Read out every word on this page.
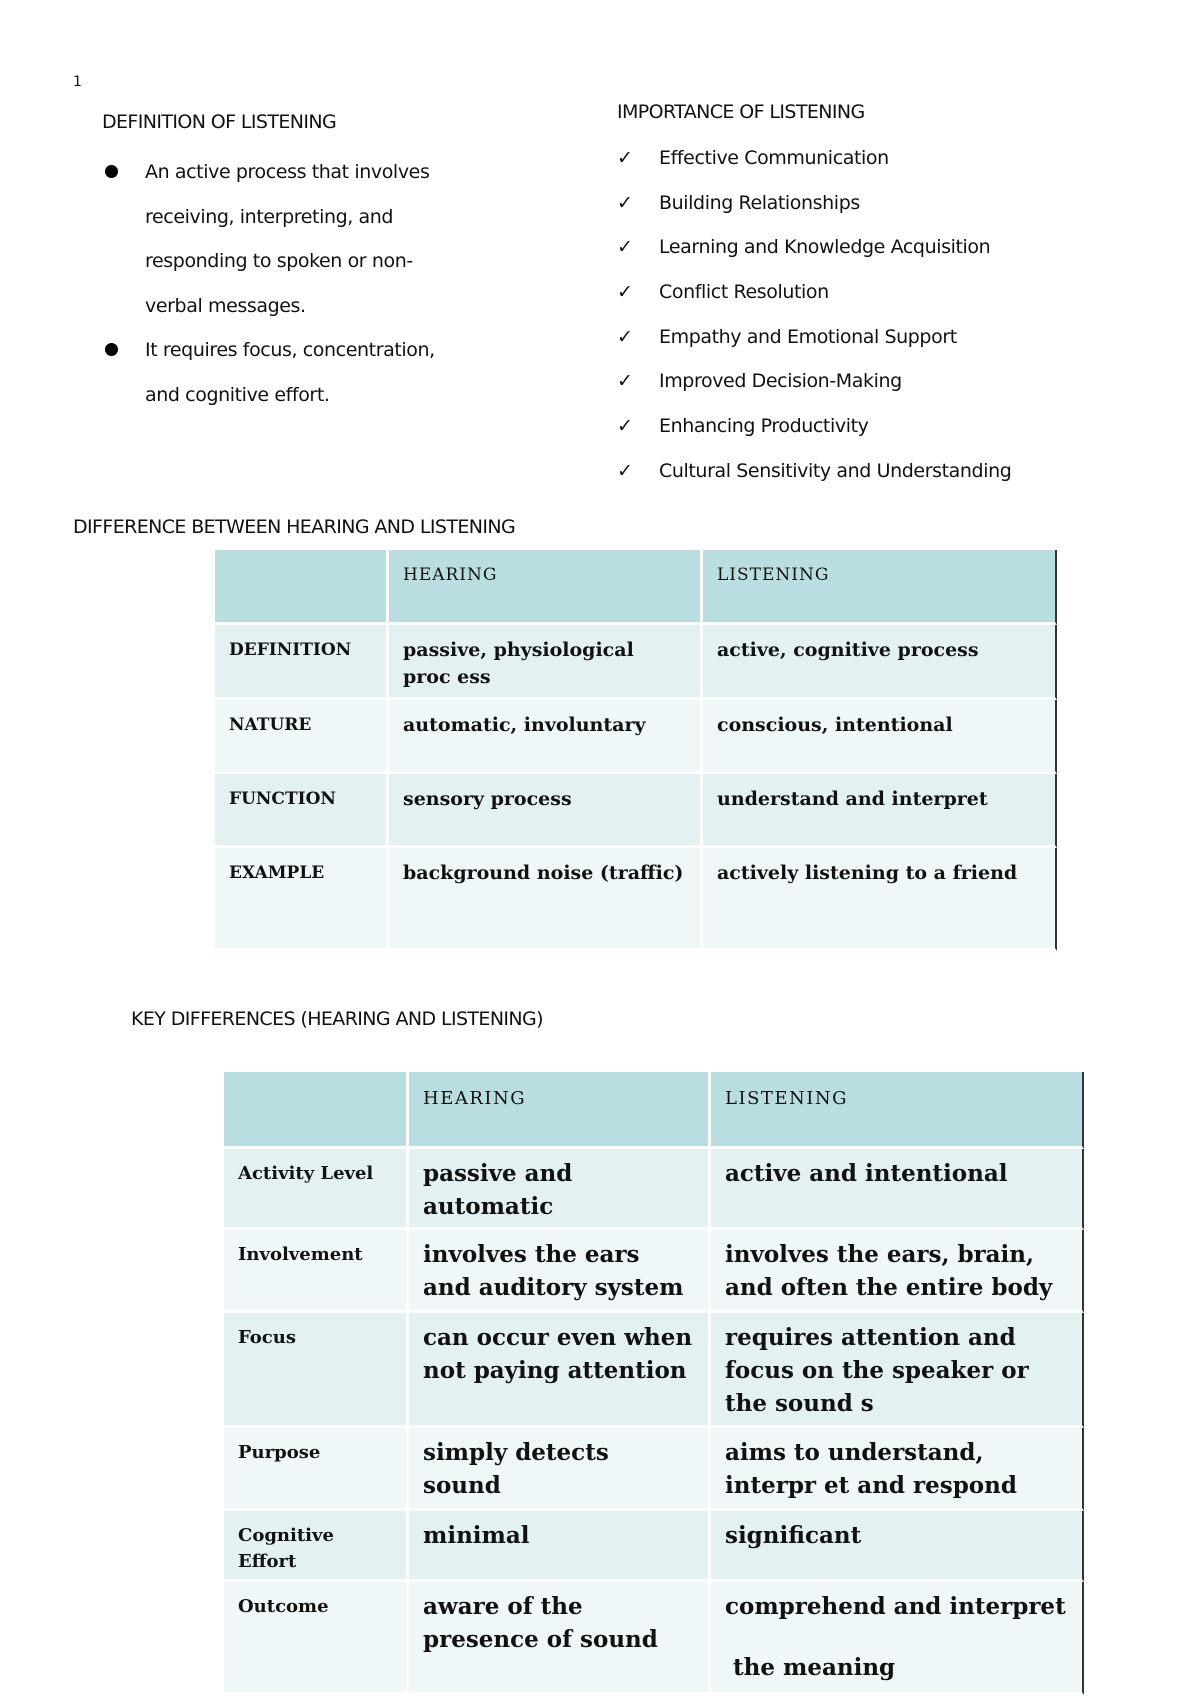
1
DEFINITION OF LISTENING
An active process that involves
receiving, interpreting, and
responding to spoken or non-
verbal messages.
It requires focus, concentration,
and cognitive effort.
IMPORTANCE OF LISTENING
✓ Effective Communication
✓ Building Relationships
✓ Learning and Knowledge Acquisition
✓ Conflict Resolution
✓ Empathy and Emotional Support
✓ Improved Decision-Making
✓ Enhancing Productivity
✓ Cultural Sensitivity and Understanding
DIFFERENCE BETWEEN HEARING AND LISTENING
	HEARING	LISTENING
DEFINITION	passive, physiological proc ess	active, cognitive process
NATURE	automatic, involuntary	conscious, intentional
FUNCTION	sensory process	understand and interpret
EXAMPLE	background noise (traffic)	actively listening to a friend
KEY DIFFERENCES (HEARING AND LISTENING)
	HEARING	LISTENING
Activity Level	passive and automatic	active and intentional
Involvement	involves the ears and auditory system	involves the ears, brain, and often the entire body
Focus	can occur even when not paying attention	requires attention and focus on the speaker or the sound s
Purpose	simply detects sound	aims to understand, interpr et and respond
Cognitive Effort	minimal	significant
Outcome	aware of the presence of sound	comprehend and interpret
the meaning
